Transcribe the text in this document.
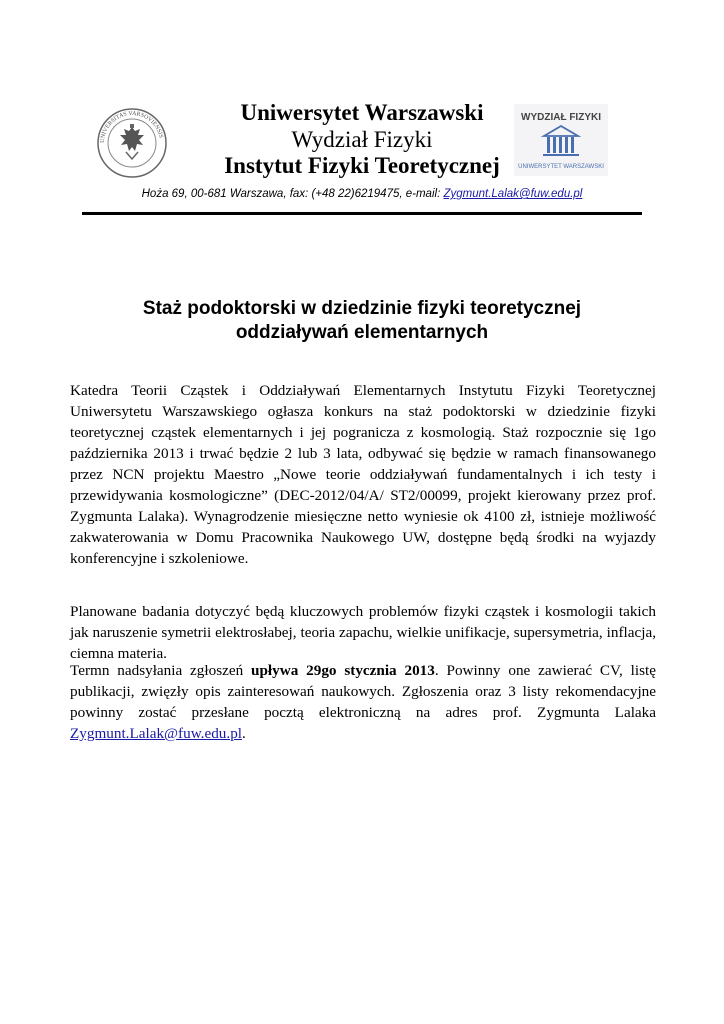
UNIVERSITAS VARSOVIENSIS
WYDZIAŁ FIZYKI
UNIWERSYTET WARSZAWSKI
Uniwersytet Warszawski
Wydział Fizyki
Instytut Fizyki Teoretycznej
Hoża 69, 00-681 Warszawa, fax: (+48 22)6219475, e-mail: Zygmunt.Lalak@fuw.edu.pl
Staż podoktorski w dziedzinie fizyki teoretycznej
oddziaływań elementarnych
Katedra Teorii Cząstek i Oddziaływań Elementarnych Instytutu Fizyki Teoretycznej Uniwersytetu Warszawskiego ogłasza konkurs na staż podoktorski w dziedzinie fizyki teoretycznej cząstek elementarnych i jej pogranicza z kosmologią. Staż rozpocznie się 1go października 2013 i trwać będzie 2 lub 3 lata, odbywać się będzie w ramach finansowanego przez NCN projektu Maestro „Nowe teorie oddziaływań fundamentalnych i ich testy i przewidywania kosmologiczne” (DEC-2012/04/A/ ST2/00099, projekt kierowany przez prof. Zygmunta Lalaka). Wynagrodzenie miesięczne netto wyniesie ok 4100 zł, istnieje możliwość zakwaterowania w Domu Pracownika Naukowego UW, dostępne będą środki na wyjazdy konferencyjne i szkoleniowe.
Planowane badania dotyczyć będą kluczowych problemów fizyki cząstek i kosmologii takich jak naruszenie symetrii elektrosłabej, teoria zapachu, wielkie unifikacje, supersymetria, inflacja, ciemna materia.
Termn nadsyłania zgłoszeń upływa 29go stycznia 2013. Powinny one zawierać CV, listę publikacji, zwięzły opis zainteresowań naukowych. Zgłoszenia oraz 3 listy rekomendacyjne powinny zostać przesłane pocztą elektroniczną na adres prof. Zygmunta Lalaka Zygmunt.Lalak@fuw.edu.pl.
